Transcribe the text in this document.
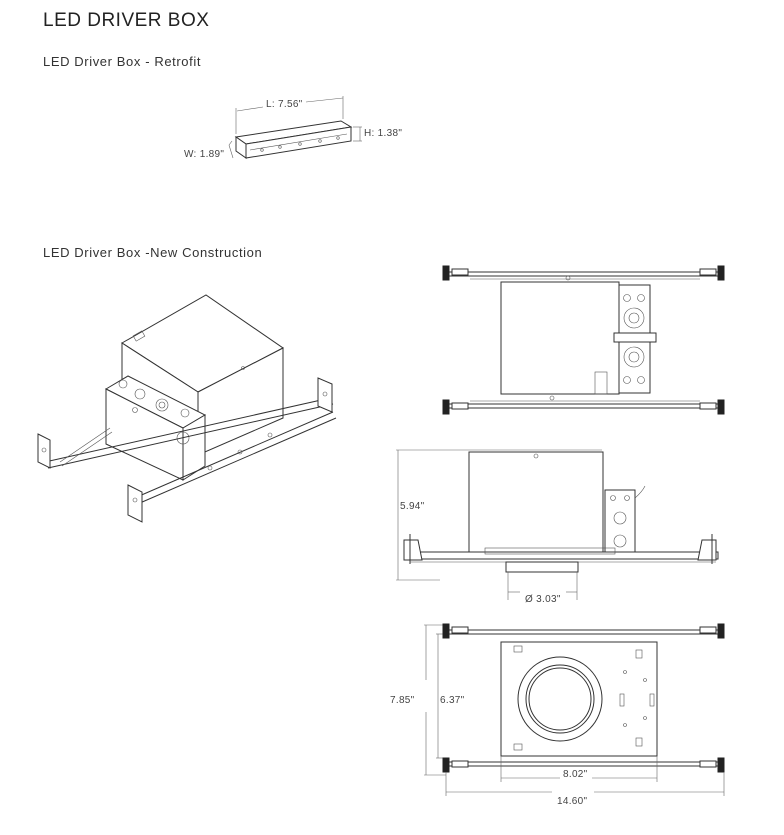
LED DRIVER BOX
LED Driver Box - Retrofit
LED Driver Box -New Construction
L: 7.56"
H: 1.38"
W: 1.89"
5.94"
Ø 3.03"
7.85"	6.37"
8.02"
14.60"
